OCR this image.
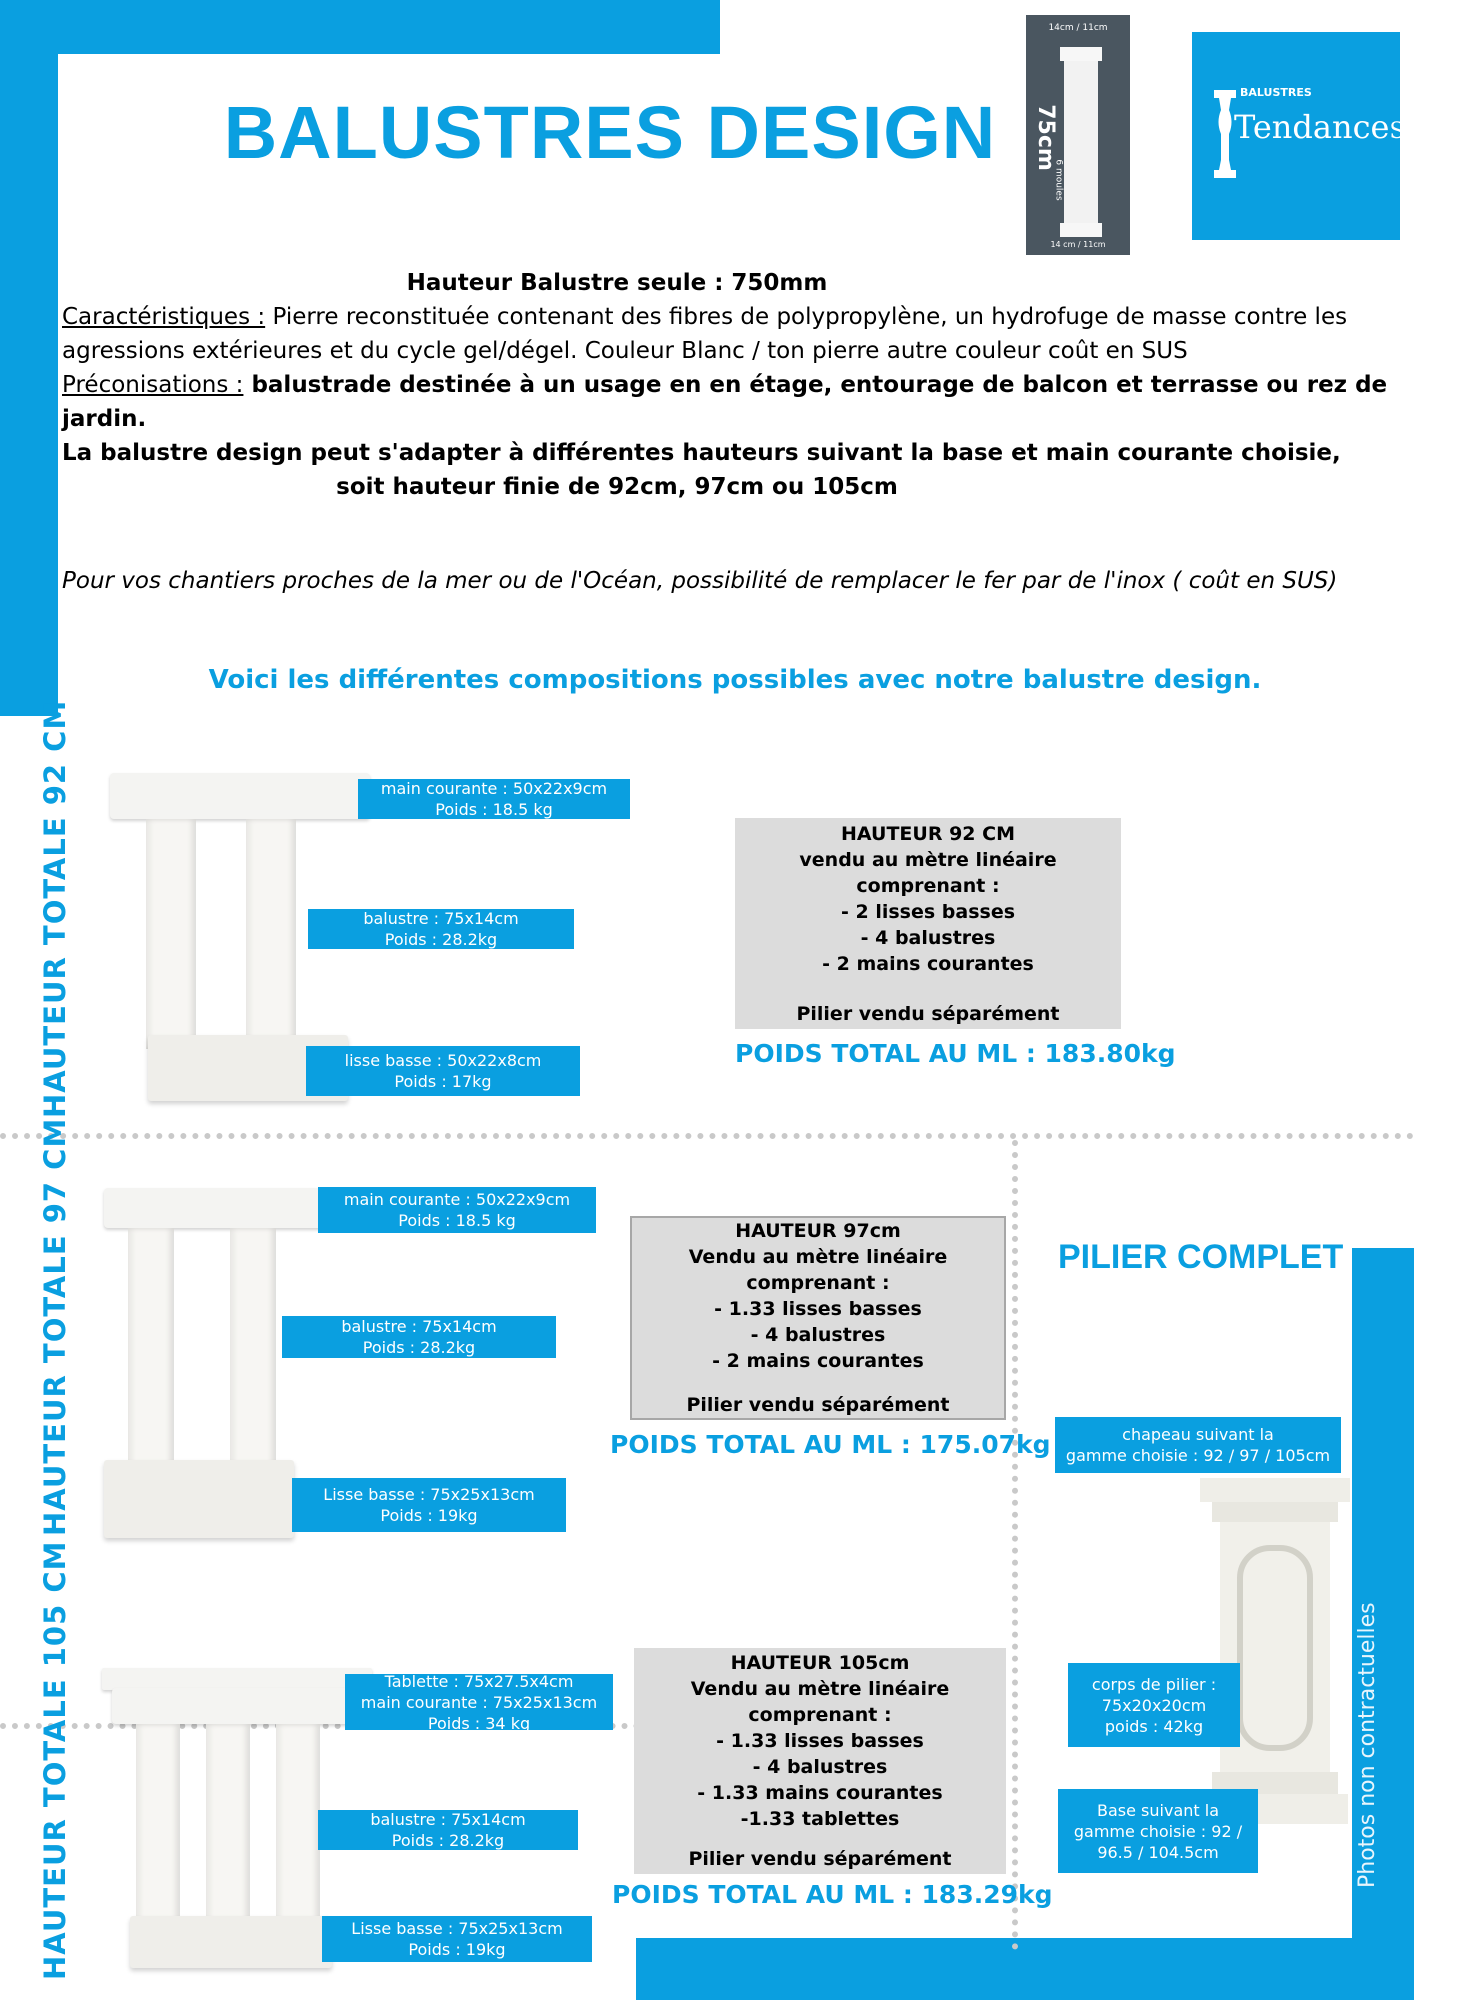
BALUSTRES DESIGN
14cm / 11cm
75cm
6 moules
14 cm / 11cm
BALUSTRES
TendanceSud
Hauteur Balustre seule : 750mm
Caractéristiques : Pierre reconstituée contenant des fibres de polypropylène, un hydrofuge de masse contre les agressions extérieures et du cycle gel/dégel. Couleur Blanc / ton pierre autre couleur coût en SUS
Préconisations : balustrade destinée à un usage en en étage, entourage de balcon et terrasse ou rez de jardin.
La balustre design peut s'adapter à différentes hauteurs suivant la base et main courante choisie,
soit hauteur finie de 92cm, 97cm ou 105cm
Pour vos chantiers proches de la mer ou de l'Océan, possibilité de remplacer le fer par de l'inox ( coût en SUS)
Voici les différentes compositions possibles avec notre balustre design.
HAUTEUR TOTALE 92 CM	main courante : 50x22x9cm
Poids : 18.5 kg
balustre : 75x14cm
Poids : 28.2kg
lisse basse : 50x22x8cm
Poids : 17kg
HAUTEUR 92 CM
vendu au mètre linéaire comprenant :
- 2 lisses basses
- 4 balustres
- 2 mains courantes
Pilier vendu séparément
POIDS TOTAL AU ML : 183.80kg
HAUTEUR TOTALE 97 CM	main courante : 50x22x9cm
Poids : 18.5 kg
balustre : 75x14cm
Poids : 28.2kg
Lisse basse : 75x25x13cm
Poids : 19kg
HAUTEUR 97cm
Vendu au mètre linéaire comprenant :
- 1.33 lisses basses
- 4 balustres
- 2 mains courantes
Pilier vendu séparément
POIDS TOTAL AU ML : 175.07kg
HAUTEUR TOTALE 105 CM	Tablette : 75x27.5x4cm
main courante : 75x25x13cm
Poids : 34 kg
balustre : 75x14cm
Poids : 28.2kg
Lisse basse : 75x25x13cm
Poids : 19kg
HAUTEUR 105cm
Vendu au mètre linéaire comprenant :
- 1.33 lisses basses
- 4 balustres
- 1.33 mains courantes
-1.33 tablettes
Pilier vendu séparément
POIDS TOTAL AU ML : 183.29kg
PILIER COMPLET
chapeau suivant la
gamme choisie : 92 / 97 / 105cm
corps de pilier :
75x20x20cm
poids : 42kg
Base suivant la
gamme choisie : 92 /
96.5 / 104.5cm	Photos non contractuelles
